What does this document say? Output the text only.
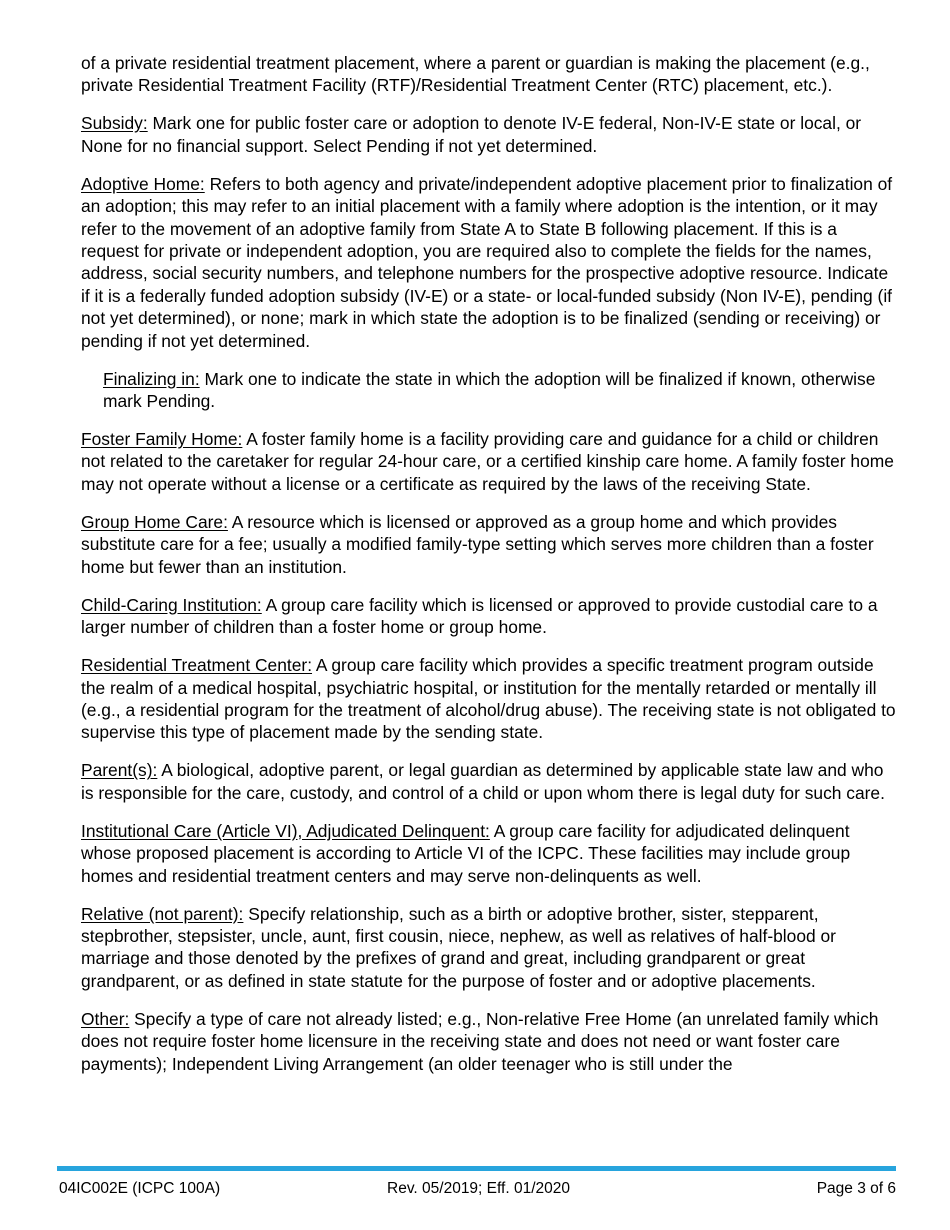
of a private residential treatment placement, where a parent or guardian is making the placement (e.g., private Residential Treatment Facility (RTF)/Residential Treatment Center (RTC) placement, etc.).

Subsidy: Mark one for public foster care or adoption to denote IV-E federal, Non-IV-E state or local, or None for no financial support. Select Pending if not yet determined.

Adoptive Home: Refers to both agency and private/independent adoptive placement prior to finalization of an adoption; this may refer to an initial placement with a family where adoption is the intention, or it may refer to the movement of an adoptive family from State A to State B following placement. If this is a request for private or independent adoption, you are required also to complete the fields for the names, address, social security numbers, and telephone numbers for the prospective adoptive resource. Indicate if it is a federally funded adoption subsidy (IV-E) or a state- or local-funded subsidy (Non IV-E), pending (if not yet determined), or none; mark in which state the adoption is to be finalized (sending or receiving) or pending if not yet determined.

Finalizing in: Mark one to indicate the state in which the adoption will be finalized if known, otherwise mark Pending.

Foster Family Home: A foster family home is a facility providing care and guidance for a child or children not related to the caretaker for regular 24-hour care, or a certified kinship care home. A family foster home may not operate without a license or a certificate as required by the laws of the receiving State.

Group Home Care: A resource which is licensed or approved as a group home and which provides substitute care for a fee; usually a modified family-type setting which serves more children than a foster home but fewer than an institution.

Child-Caring Institution: A group care facility which is licensed or approved to provide custodial care to a larger number of children than a foster home or group home.

Residential Treatment Center: A group care facility which provides a specific treatment program outside the realm of a medical hospital, psychiatric hospital, or institution for the mentally retarded or mentally ill (e.g., a residential program for the treatment of alcohol/drug abuse). The receiving state is not obligated to supervise this type of placement made by the sending state.

Parent(s): A biological, adoptive parent, or legal guardian as determined by applicable state law and who is responsible for the care, custody, and control of a child or upon whom there is legal duty for such care.

Institutional Care (Article VI), Adjudicated Delinquent: A group care facility for adjudicated delinquent whose proposed placement is according to Article VI of the ICPC. These facilities may include group homes and residential treatment centers and may serve non-delinquents as well.

Relative (not parent): Specify relationship, such as a birth or adoptive brother, sister, stepparent, stepbrother, stepsister, uncle, aunt, first cousin, niece, nephew, as well as relatives of half-blood or marriage and those denoted by the prefixes of grand and great, including grandparent or great grandparent, or as defined in state statute for the purpose of foster and or adoptive placements.

Other: Specify a type of care not already listed; e.g., Non-relative Free Home (an unrelated family which does not require foster home licensure in the receiving state and does not need or want foster care payments); Independent Living Arrangement (an older teenager who is still under the

04IC002E (ICPC 100A)	Rev. 05/2019; Eff. 01/2020	Page 3 of 6
